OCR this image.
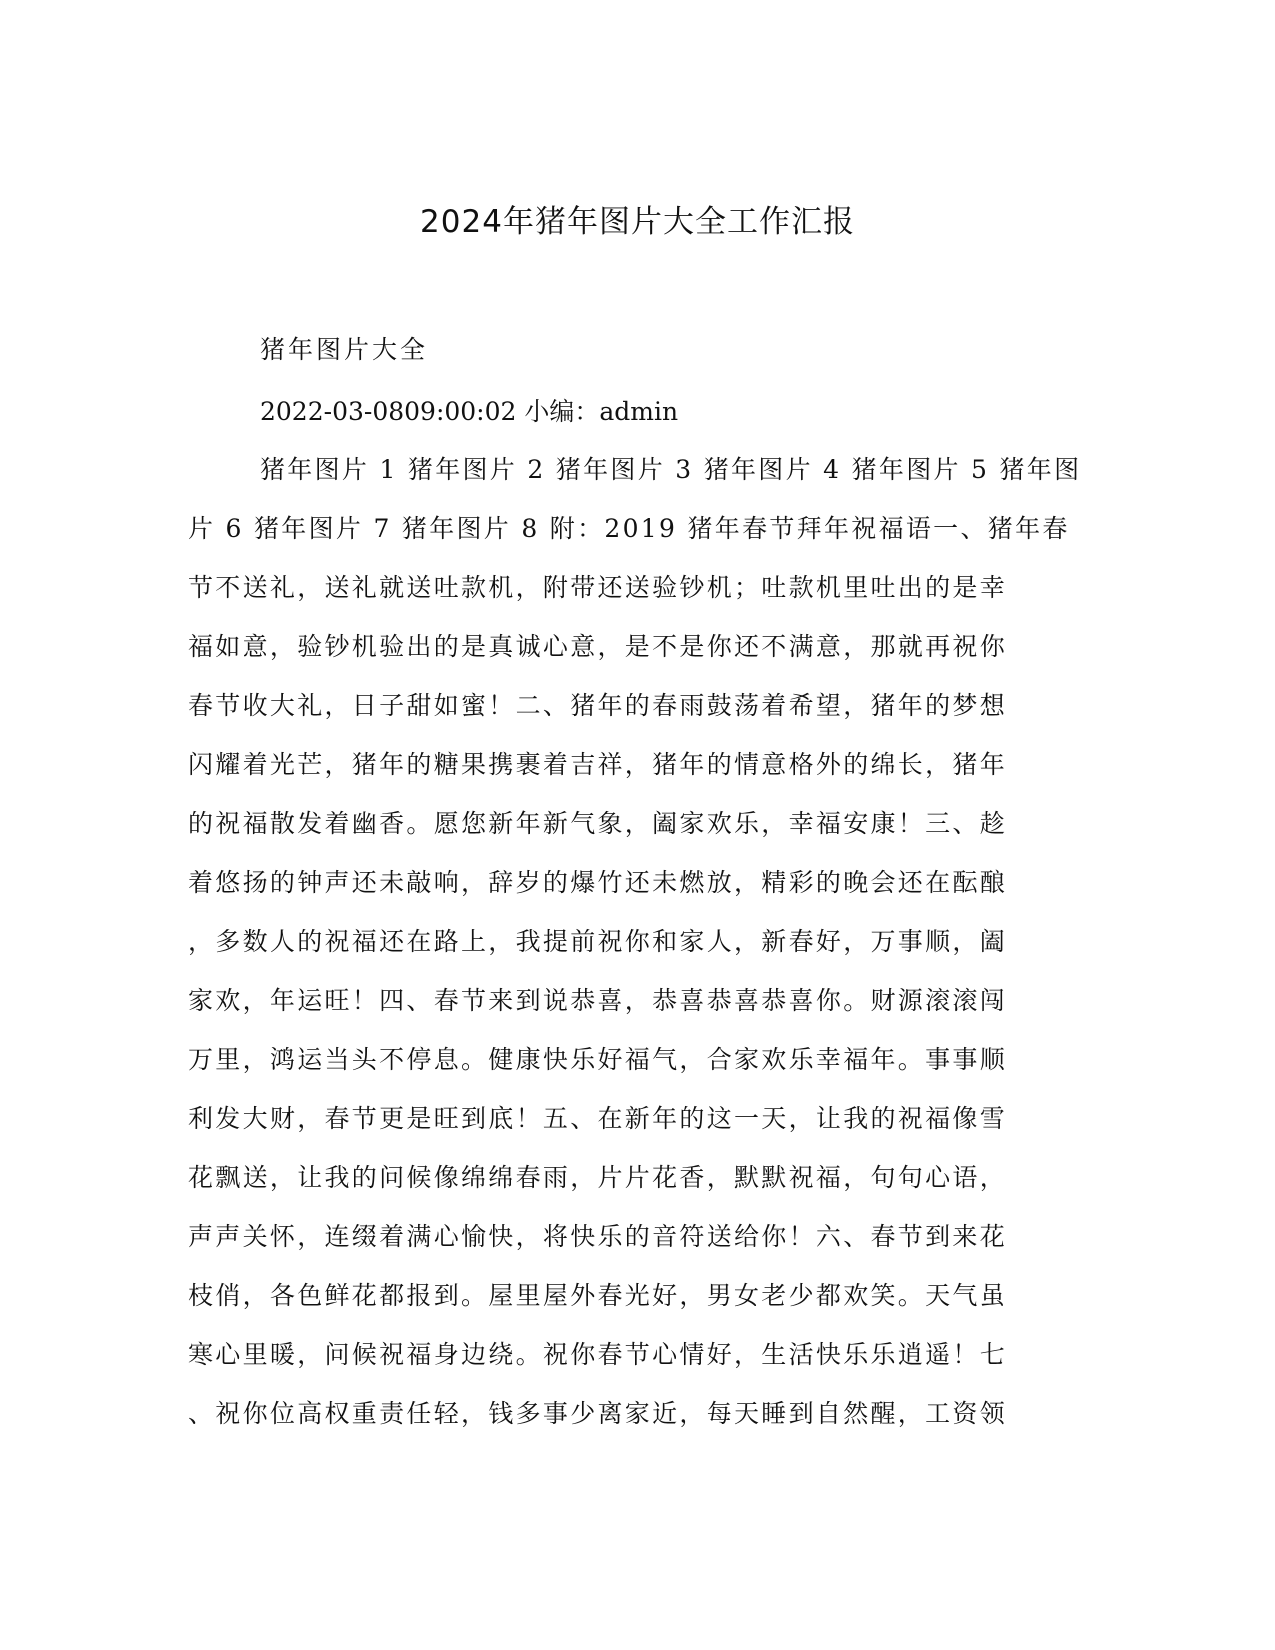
2024年猪年图片大全工作汇报

猪年图片大全

2022-03-0809:00:02 小编：admin

猪年图片 1 猪年图片 2 猪年图片 3 猪年图片 4 猪年图片 5 猪年图

片 6 猪年图片 7 猪年图片 8 附：2019 猪年春节拜年祝福语一、猪年春

节不送礼，送礼就送吐款机，附带还送验钞机；吐款机里吐出的是幸

福如意，验钞机验出的是真诚心意，是不是你还不满意，那就再祝你

春节收大礼，日子甜如蜜！二、猪年的春雨鼓荡着希望，猪年的梦想

闪耀着光芒，猪年的糖果携裹着吉祥，猪年的情意格外的绵长，猪年

的祝福散发着幽香。愿您新年新气象，阖家欢乐，幸福安康！三、趁

着悠扬的钟声还未敲响，辞岁的爆竹还未燃放，精彩的晚会还在酝酿

，多数人的祝福还在路上，我提前祝你和家人，新春好，万事顺，阖

家欢，年运旺！四、春节来到说恭喜，恭喜恭喜恭喜你。财源滚滚闯

万里，鸿运当头不停息。健康快乐好福气，合家欢乐幸福年。事事顺

利发大财，春节更是旺到底！五、在新年的这一天，让我的祝福像雪

花飘送，让我的问候像绵绵春雨，片片花香，默默祝福，句句心语，

声声关怀，连缀着满心愉快，将快乐的音符送给你！六、春节到来花

枝俏，各色鲜花都报到。屋里屋外春光好，男女老少都欢笑。天气虽

寒心里暖，问候祝福身边绕。祝你春节心情好，生活快乐乐逍遥！七

、祝你位高权重责任轻，钱多事少离家近，每天睡到自然醒，工资领
